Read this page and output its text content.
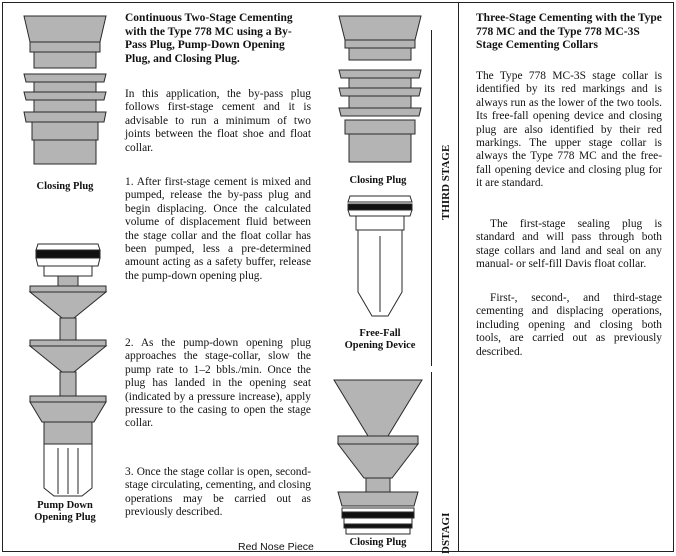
Closing Plug

Pump Down
Opening Plug

Continuous Two-Stage Cementing with the Type 778 MC using a By-Pass Plug, Pump-Down Opening Plug, and Closing Plug.

In this application, the by-pass plug follows first-stage cement and it is advisable to run a minimum of two joints between the float shoe and float collar.

1. After first-stage cement is mixed and pumped, release the by-pass plug and begin displacing. Once the calculated volume of displacement fluid between the stage collar and the float collar has been pumped, less a pre-determined amount acting as a safety buffer, release the pump-down opening plug.

2. As the pump-down opening plug approaches the stage-collar, slow the pump rate to 1–2 bbls./min. Once the plug has landed in the opening seat (indicated by a pressure increase), apply pressure to the casing to open the stage collar.

3. Once the stage collar is open, second-stage circulating, cementing, and closing operations may be carried out as previously described.

Closing Plug

Free-Fall
Opening Device

Closing Plug

Red Nose Piece
THIRD STAGE
DSTAGI

Three-Stage Cementing with the Type 778 MC and the Type 778 MC-3S Stage Cementing Collars

The Type 778 MC-3S stage collar is identified by its red markings and is always run as the lower of the two tools. Its free-fall opening device and closing plug are also identified by their red markings. The upper stage collar is always the Type 778 MC and the free-fall opening device and closing plug for it are standard.

The first-stage sealing plug is standard and will pass through both stage collars and land and seal on any manual- or self-fill Davis float collar.

First-, second-, and third-stage cementing and displacing operations, including opening and closing both tools, are carried out as previously described.
